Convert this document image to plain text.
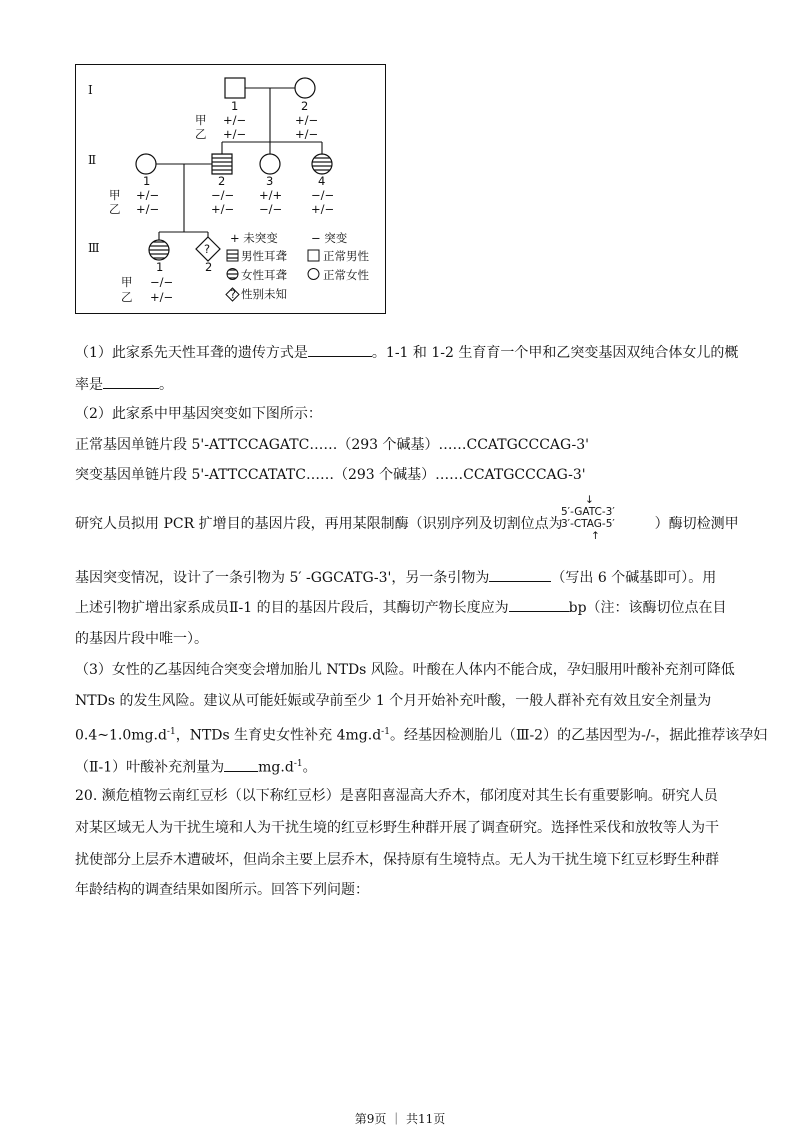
Ⅰ
Ⅱ
Ⅲ
1	2
甲
乙
+/−
+/−
+/−
+/−
1	2	3	4
甲
乙
+/−
+/−
−/−
+/−
+/+
−/−
−/−
+/−
?
1	2
甲
乙
−/−
+/−
+ 未突变	− 突变
男性耳聋	正常男性
女性耳聋	正常女性
? 性别未知
（1）此家系先天性耳聋的遗传方式是	。1-1 和 1-2 生育育一个甲和乙突变基因双纯合体女儿的概
率是	。
（2）此家系中甲基因突变如下图所示：
正常基因单链片段 5'-ATTCCAGATC……（293 个碱基）……CCATGCCCAG-3'
突变基因单链片段 5'-ATTCCATATC……（293 个碱基）……CCATGCCCAG-3'
研究人员拟用 PCR 扩增目的基因片段，再用某限制酶（识别序列及切割位点为	）酶切检测甲
↓
5′-GATC-3′
3′-CTAG-5′
↑
基因突变情况，设计了一条引物为 5′ -GGCATG-3'，另一条引物为	（写出 6 个碱基即可）。用
上述引物扩增出家系成员Ⅱ-1 的目的基因片段后，其酶切产物长度应为	bp（注：该酶切位点在目
的基因片段中唯一）。
（3）女性的乙基因纯合突变会增加胎儿 NTDs 风险。叶酸在人体内不能合成，孕妇服用叶酸补充剂可降低
NTDs 的发生风险。建议从可能妊娠或孕前至少 1 个月开始补充叶酸，一般人群补充有效且安全剂量为
$0.4\sim 1.0mg.d^{-1}$，NTDs 生育史女性补充 $4mg.d^{-1}$。经基因检测胎儿（Ⅲ-2）的乙基因型为-/-，据此推荐该孕妇
（Ⅱ-1）叶酸补充剂量为 $mg.d^{-1}$。
20. 濒危植物云南红豆杉（以下称红豆杉）是喜阳喜湿高大乔木，郁闭度对其生长有重要影响。研究人员
对某区域无人为干扰生境和人为干扰生境的红豆杉野生种群开展了调查研究。选择性采伐和放牧等人为干
扰使部分上层乔木遭破坏，但尚余主要上层乔木，保持原有生境特点。无人为干扰生境下红豆杉野生种群
年龄结构的调查结果如图所示。回答下列问题：
第9页 ｜ 共11页
